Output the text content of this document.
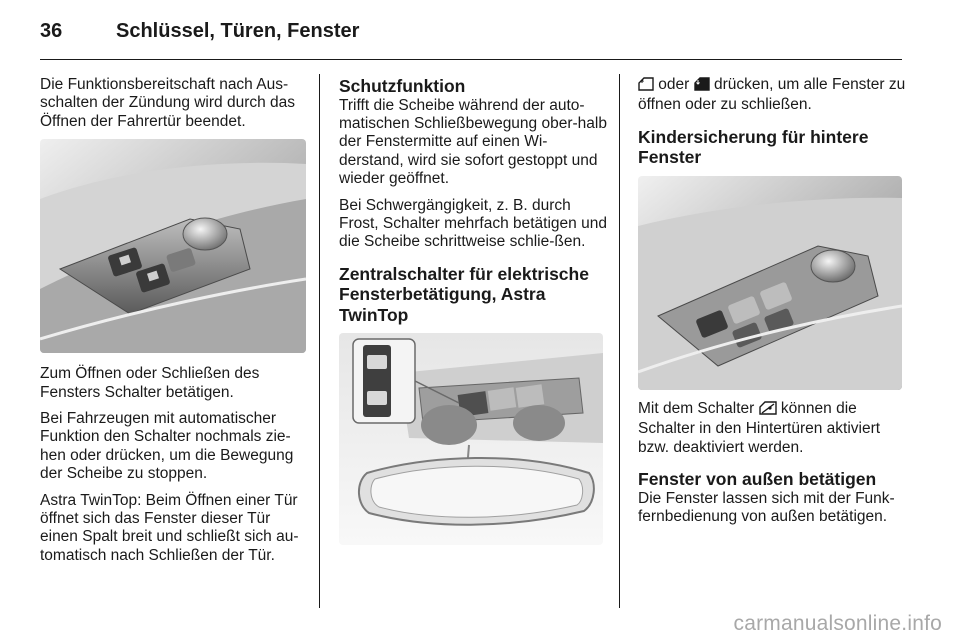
36	Schlüssel, Türen, Fenster

Die Funktionsbereitschaft nach Aus-schalten der Zündung wird durch das Öffnen der Fahrertür beendet.

Zum Öffnen oder Schließen des Fensters Schalter betätigen.

Bei Fahrzeugen mit automatischer Funktion den Schalter nochmals zie-hen oder drücken, um die Bewegung der Scheibe zu stoppen.

Astra TwinTop: Beim Öffnen einer Tür öffnet sich das Fenster dieser Tür einen Spalt breit und schließt sich au-tomatisch nach Schließen der Tür.

Schutzfunktion

Trifft die Scheibe während der auto-matischen Schließbewegung ober-halb der Fenstermitte auf einen Wi-derstand, wird sie sofort gestoppt und wieder geöffnet.

Bei Schwergängigkeit, z. B. durch Frost, Schalter mehrfach betätigen und die Scheibe schrittweise schlie-ßen.

Zentralschalter für elektrische Fensterbetätigung, Astra TwinTop

oder  drücken, um alle Fenster zu öffnen oder zu schließen.

Kindersicherung für hintere Fenster

Mit dem Schalter  können die Schalter in den Hintertüren aktiviert bzw. deaktiviert werden.

Fenster von außen betätigen

Die Fenster lassen sich mit der Funk-fernbedienung von außen betätigen.

carmanualsonline.info
